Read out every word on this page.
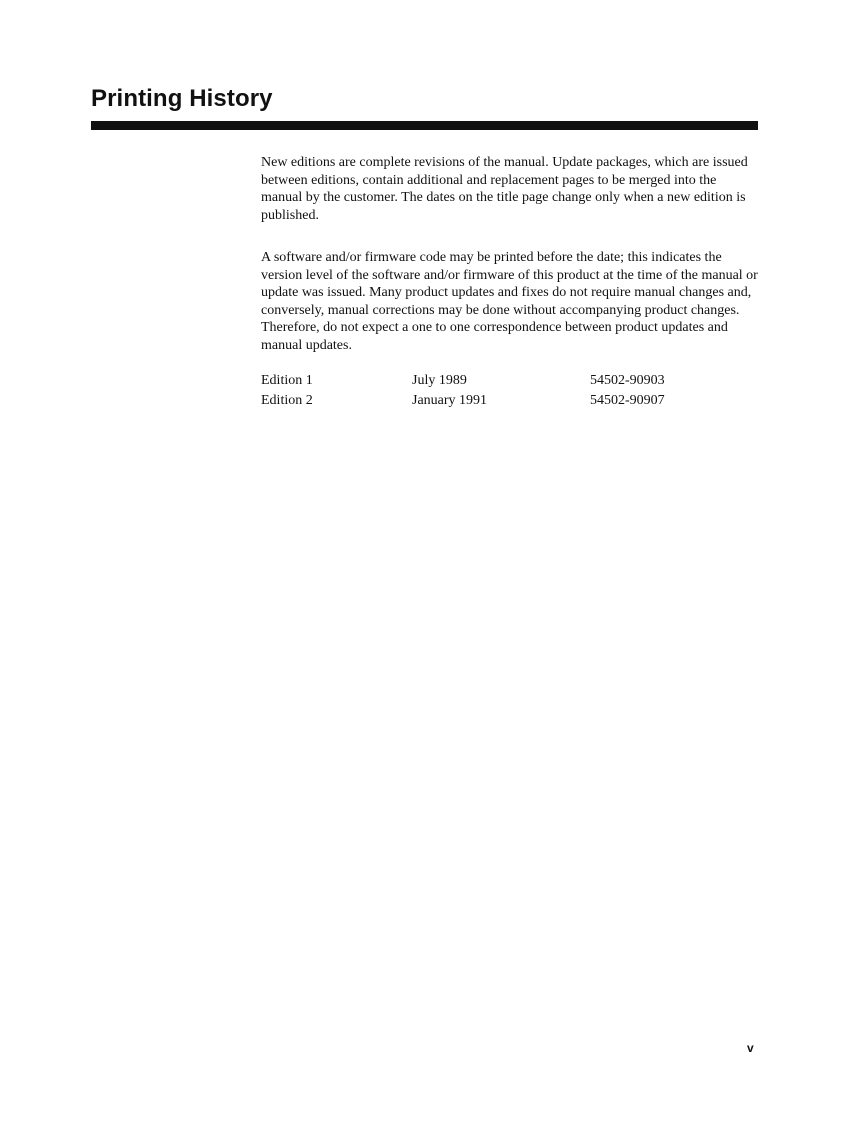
Printing History

New editions are complete revisions of the manual. Update packages, which are issued between editions, contain additional and replacement pages to be merged into the manual by the customer. The dates on the title page change only when a new edition is published.

A software and/or firmware code may be printed before the date; this indicates the version level of the software and/or firmware of this product at the time of the manual or update was issued. Many product updates and fixes do not require manual changes and, conversely, manual corrections may be done without accompanying product changes. Therefore, do not expect a one to one correspondence between product updates and manual updates.

Edition 1	July 1989	54502-90903
Edition 2	January 1991	54502-90907
v
